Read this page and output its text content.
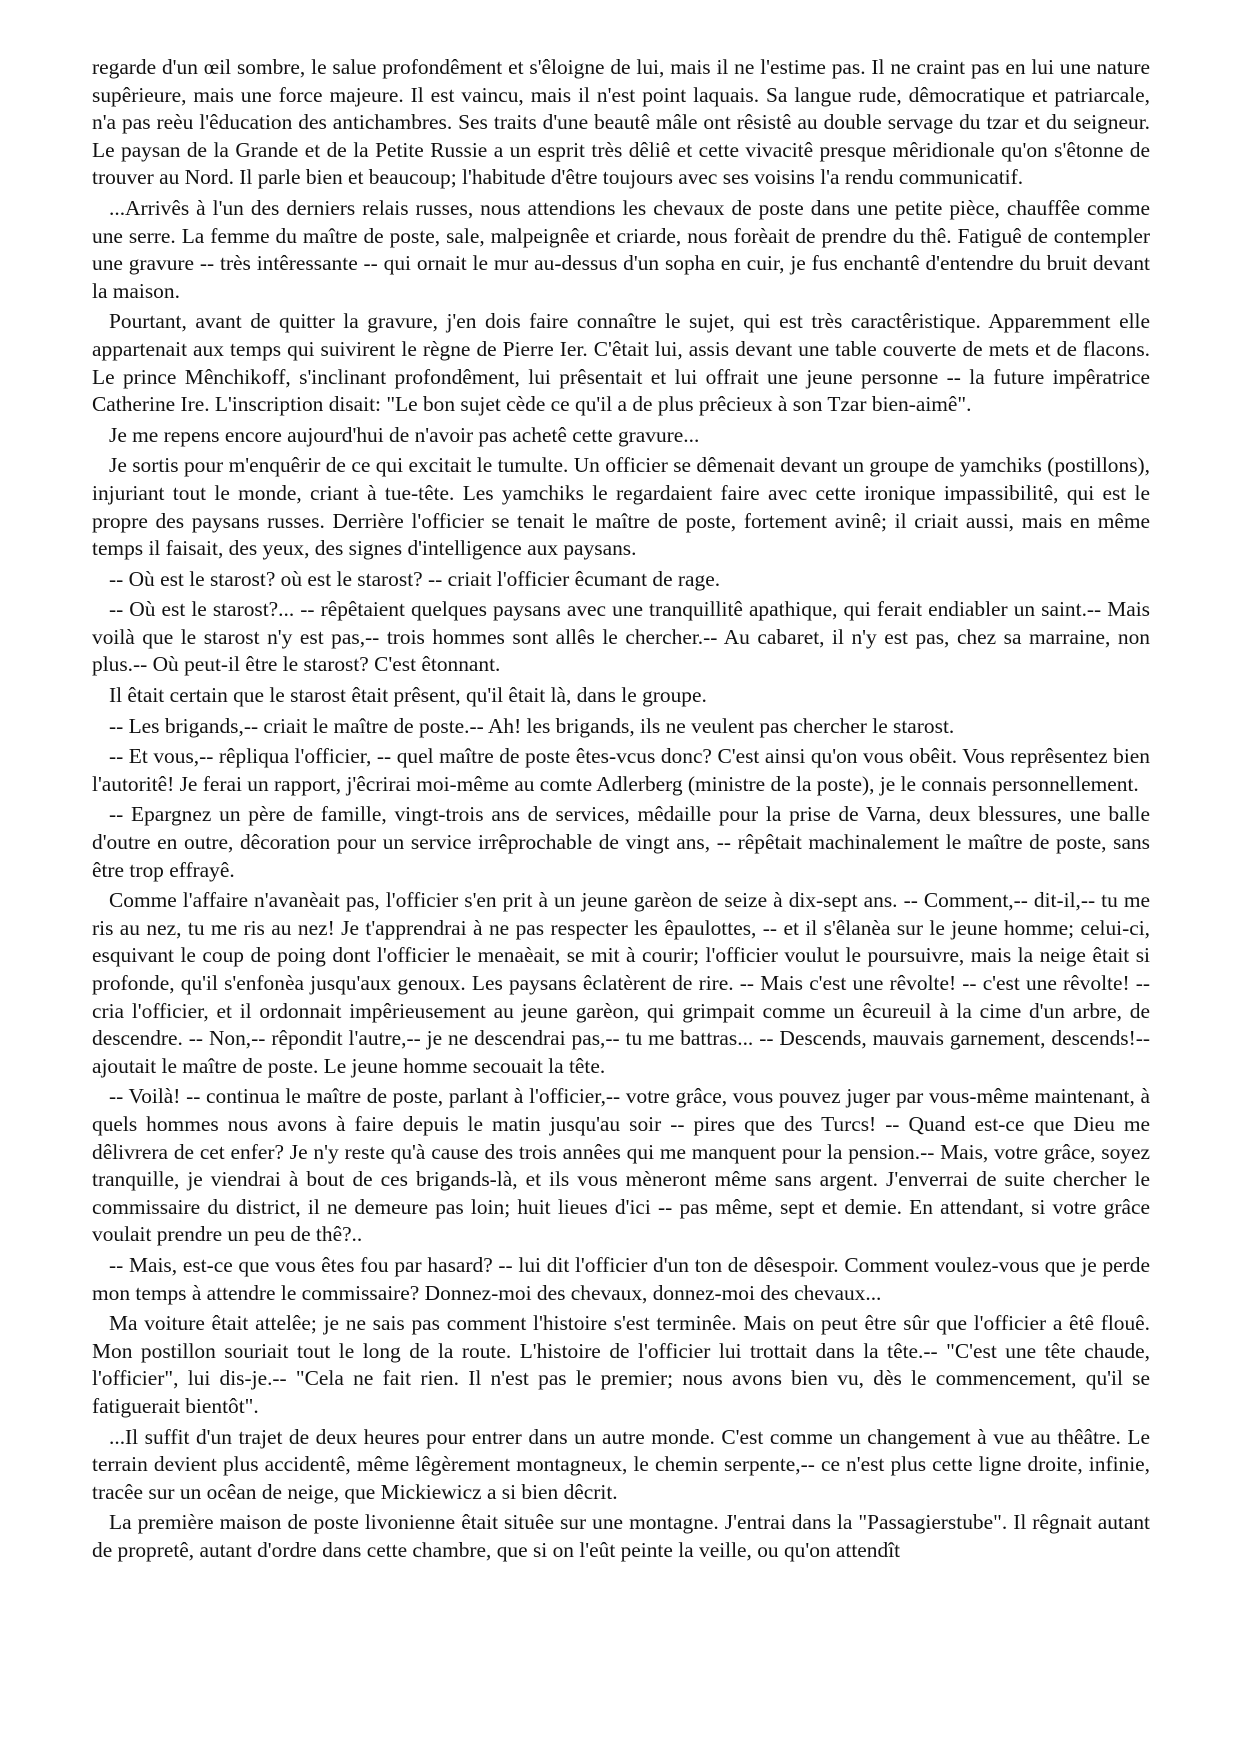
regarde d'un œil sombre, le salue profondêment et s'êloigne de lui, mais il ne l'estime pas. Il ne craint pas en lui une nature supêrieure, mais une force majeure. Il est vaincu, mais il n'est point laquais. Sa langue rude, dêmocratique et patriarcale, n'a pas reèu l'êducation des antichambres. Ses traits d'une beautê mâle ont rêsistê au double servage du tzar et du seigneur. Le paysan de la Grande et de la Petite Russie a un esprit très dêliê et cette vivacitê presque mêridionale qu'on s'êtonne de trouver au Nord. Il parle bien et beaucoup; l'habitude d'être toujours avec ses voisins l'a rendu communicatif.

...Arrivês à l'un des derniers relais russes, nous attendions les chevaux de poste dans une petite pièce, chauffêe comme une serre. La femme du maître de poste, sale, malpeignêe et criarde, nous forèait de prendre du thê. Fatiguê de contempler une gravure -- très intêressante -- qui ornait le mur au-dessus d'un sopha en cuir, je fus enchantê d'entendre du bruit devant la maison.

Pourtant, avant de quitter la gravure, j'en dois faire connaître le sujet, qui est très caractêristique. Apparemment elle appartenait aux temps qui suivirent le règne de Pierre Ier. C'êtait lui, assis devant une table couverte de mets et de flacons. Le prince Mênchikoff, s'inclinant profondêment, lui prêsentait et lui offrait une jeune personne -- la future impêratrice Catherine Ire. L'inscription disait: "Le bon sujet cède ce qu'il a de plus prêcieux à son Tzar bien-aimê".

Je me repens encore aujourd'hui de n'avoir pas achetê cette gravure...

Je sortis pour m'enquêrir de ce qui excitait le tumulte. Un officier se dêmenait devant un groupe de yamchiks (postillons), injuriant tout le monde, criant à tue-tête. Les yamchiks le regardaient faire avec cette ironique impassibilitê, qui est le propre des paysans russes. Derrière l'officier se tenait le maître de poste, fortement avinê; il criait aussi, mais en même temps il faisait, des yeux, des signes d'intelligence aux paysans.

-- Où est le starost? où est le starost? -- criait l'officier êcumant de rage.

-- Où est le starost?... -- rêpêtaient quelques paysans avec une tranquillitê apathique, qui ferait endiabler un saint.-- Mais voilà que le starost n'y est pas,-- trois hommes sont allês le chercher.-- Au cabaret, il n'y est pas, chez sa marraine, non plus.-- Où peut-il être le starost? C'est êtonnant.

Il êtait certain que le starost êtait prêsent, qu'il êtait là, dans le groupe.

-- Les brigands,-- criait le maître de poste.-- Ah! les brigands, ils ne veulent pas chercher le starost.

-- Et vous,-- rêpliqua l'officier, -- quel maître de poste êtes-vcus donc? C'est ainsi qu'on vous obêit. Vous reprêsentez bien l'autoritê! Je ferai un rapport, j'êcrirai moi-même au comte Adlerberg (ministre de la poste), je le connais personnellement.

-- Epargnez un père de famille, vingt-trois ans de services, mêdaille pour la prise de Varna, deux blessures, une balle d'outre en outre, dêcoration pour un service irrêprochable de vingt ans, -- rêpêtait machinalement le maître de poste, sans être trop effrayê.

Comme l'affaire n'avanèait pas, l'officier s'en prit à un jeune garèon de seize à dix-sept ans. -- Comment,-- dit-il,-- tu me ris au nez, tu me ris au nez! Je t'apprendrai à ne pas respecter les êpaulottes, -- et il s'êlanèa sur le jeune homme; celui-ci, esquivant le coup de poing dont l'officier le menaèait, se mit à courir; l'officier voulut le poursuivre, mais la neige êtait si profonde, qu'il s'enfonèa jusqu'aux genoux. Les paysans êclatèrent de rire. -- Mais c'est une rêvolte! -- c'est une rêvolte! -- cria l'officier, et il ordonnait impêrieusement au jeune garèon, qui grimpait comme un êcureuil à la cime d'un arbre, de descendre. -- Non,-- rêpondit l'autre,-- je ne descendrai pas,-- tu me battras... -- Descends, mauvais garnement, descends!-- ajoutait le maître de poste. Le jeune homme secouait la tête.

-- Voilà! -- continua le maître de poste, parlant à l'officier,-- votre grâce, vous pouvez juger par vous-même maintenant, à quels hommes nous avons à faire depuis le matin jusqu'au soir -- pires que des Turcs! -- Quand est-ce que Dieu me dêlivrera de cet enfer? Je n'y reste qu'à cause des trois annêes qui me manquent pour la pension.-- Mais, votre grâce, soyez tranquille, je viendrai à bout de ces brigands-là, et ils vous mèneront même sans argent. J'enverrai de suite chercher le commissaire du district, il ne demeure pas loin; huit lieues d'ici -- pas même, sept et demie. En attendant, si votre grâce voulait prendre un peu de thê?..

-- Mais, est-ce que vous êtes fou par hasard? -- lui dit l'officier d'un ton de dêsespoir. Comment voulez-vous que je perde mon temps à attendre le commissaire? Donnez-moi des chevaux, donnez-moi des chevaux...

Ma voiture êtait attelêe; je ne sais pas comment l'histoire s'est terminêe. Mais on peut être sûr que l'officier a êtê flouê. Mon postillon souriait tout le long de la route. L'histoire de l'officier lui trottait dans la tête.-- "C'est une tête chaude, l'officier", lui dis-je.-- "Cela ne fait rien. Il n'est pas le premier; nous avons bien vu, dès le commencement, qu'il se fatiguerait bientôt".

...Il suffit d'un trajet de deux heures pour entrer dans un autre monde. C'est comme un changement à vue au thêâtre. Le terrain devient plus accidentê, même lêgèrement montagneux, le chemin serpente,-- ce n'est plus cette ligne droite, infinie, tracêe sur un ocêan de neige, que Mickiewicz a si bien dêcrit.

La première maison de poste livonienne êtait situêe sur une montagne. J'entrai dans la "Passagierstube". Il rêgnait autant de propretê, autant d'ordre dans cette chambre, que si on l'eût peinte la veille, ou qu'on attendît
